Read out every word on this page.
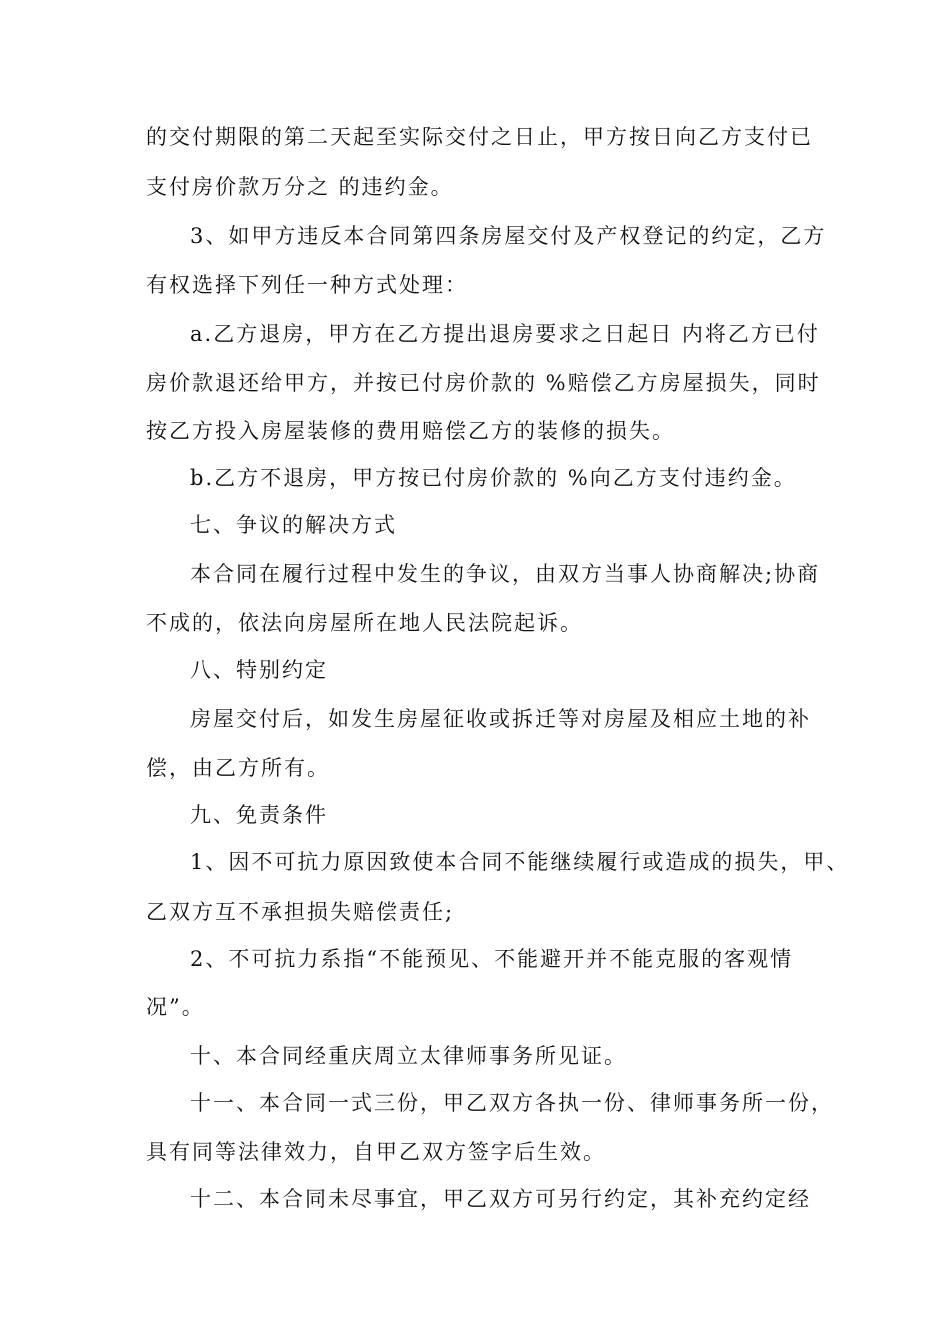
的交付期限的第二天起至实际交付之日止，甲方按日向乙方支付已
支付房价款万分之 的违约金。
3、如甲方违反本合同第四条房屋交付及产权登记的约定，乙方
有权选择下列任一种方式处理：
a.乙方退房，甲方在乙方提出退房要求之日起日 内将乙方已付
房价款退还给甲方，并按已付房价款的 %赔偿乙方房屋损失，同时
按乙方投入房屋装修的费用赔偿乙方的装修的损失。
b.乙方不退房，甲方按已付房价款的 %向乙方支付违约金。
七、争议的解决方式
本合同在履行过程中发生的争议，由双方当事人协商解决;协商
不成的，依法向房屋所在地人民法院起诉。
八、特别约定
房屋交付后，如发生房屋征收或拆迁等对房屋及相应土地的补
偿，由乙方所有。
九、免责条件
1、因不可抗力原因致使本合同不能继续履行或造成的损失，甲、
乙双方互不承担损失赔偿责任;
2、不可抗力系指“不能预见、不能避开并不能克服的客观情
况”。
十、本合同经重庆周立太律师事务所见证。
十一、本合同一式三份，甲乙双方各执一份、律师事务所一份，
具有同等法律效力，自甲乙双方签字后生效。
十二、本合同未尽事宜，甲乙双方可另行约定，其补充约定经
